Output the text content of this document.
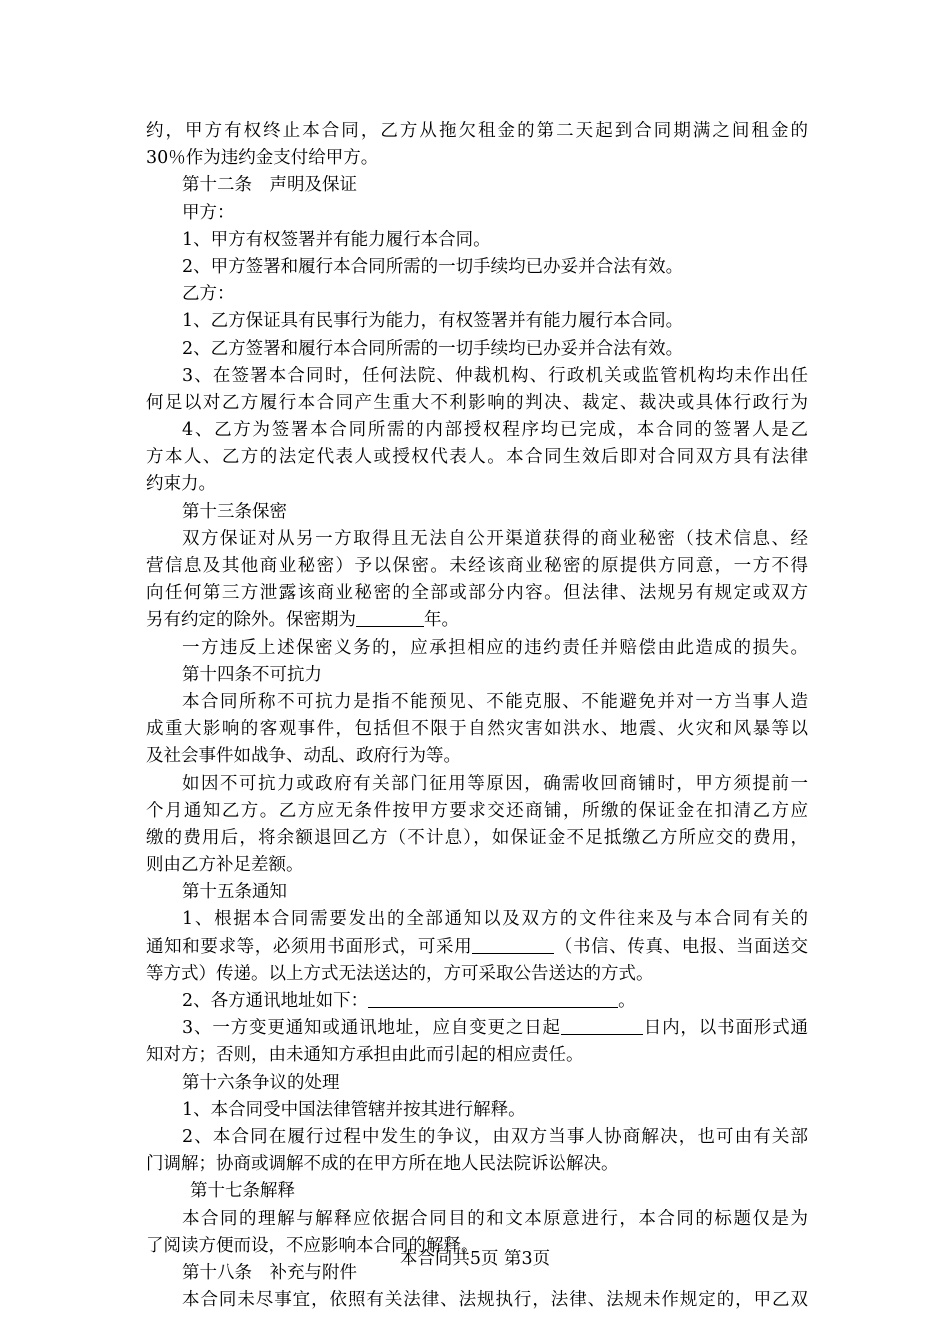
约，甲方有权终止本合同，乙方从拖欠租金的第二天起到合同期满之间租金的
30％作为违约金支付给甲方。
第十二条　声明及保证
甲方：
1、甲方有权签署并有能力履行本合同。
2、甲方签署和履行本合同所需的一切手续均已办妥并合法有效。
乙方：
1、乙方保证具有民事行为能力，有权签署并有能力履行本合同。
2、乙方签署和履行本合同所需的一切手续均已办妥并合法有效。
3、在签署本合同时，任何法院、仲裁机构、行政机关或监管机构均未作出任
何足以对乙方履行本合同产生重大不利影响的判决、裁定、裁决或具体行政行为
4、乙方为签署本合同所需的内部授权程序均已完成，本合同的签署人是乙
方本人、乙方的法定代表人或授权代表人。本合同生效后即对合同双方具有法律
约束力。
第十三条保密
双方保证对从另一方取得且无法自公开渠道获得的商业秘密（技术信息、经
营信息及其他商业秘密）予以保密。未经该商业秘密的原提供方同意，一方不得
向任何第三方泄露该商业秘密的全部或部分内容。但法律、法规另有规定或双方
另有约定的除外。保密期为	年。
一方违反上述保密义务的，应承担相应的违约责任并赔偿由此造成的损失。
第十四条不可抗力
本合同所称不可抗力是指不能预见、不能克服、不能避免并对一方当事人造
成重大影响的客观事件，包括但不限于自然灾害如洪水、地震、火灾和风暴等以
及社会事件如战争、动乱、政府行为等。
如因不可抗力或政府有关部门征用等原因，确需收回商铺时，甲方须提前一
个月通知乙方。乙方应无条件按甲方要求交还商铺，所缴的保证金在扣清乙方应
缴的费用后，将余额退回乙方（不计息），如保证金不足抵缴乙方所应交的费用，
则由乙方补足差额。
第十五条通知
1、根据本合同需要发出的全部通知以及双方的文件往来及与本合同有关的
通知和要求等，必须用书面形式，可采用	（书信、传真、电报、当面送交
等方式）传递。以上方式无法送达的，方可采取公告送达的方式。
2、各方通讯地址如下：	。
3、一方变更通知或通讯地址，应自变更之日起	日内，以书面形式通
知对方；否则，由未通知方承担由此而引起的相应责任。
第十六条争议的处理
1、本合同受中国法律管辖并按其进行解释。
2、本合同在履行过程中发生的争议，由双方当事人协商解决，也可由有关部
门调解；协商或调解不成的在甲方所在地人民法院诉讼解决。
第十七条解释
本合同的理解与解释应依据合同目的和文本原意进行，本合同的标题仅是为
了阅读方便而设，不应影响本合同的解释。
第十八条　补充与附件
本合同未尽事宜，依照有关法律、法规执行，法律、法规未作规定的，甲乙双
本合同共5页 第3页
